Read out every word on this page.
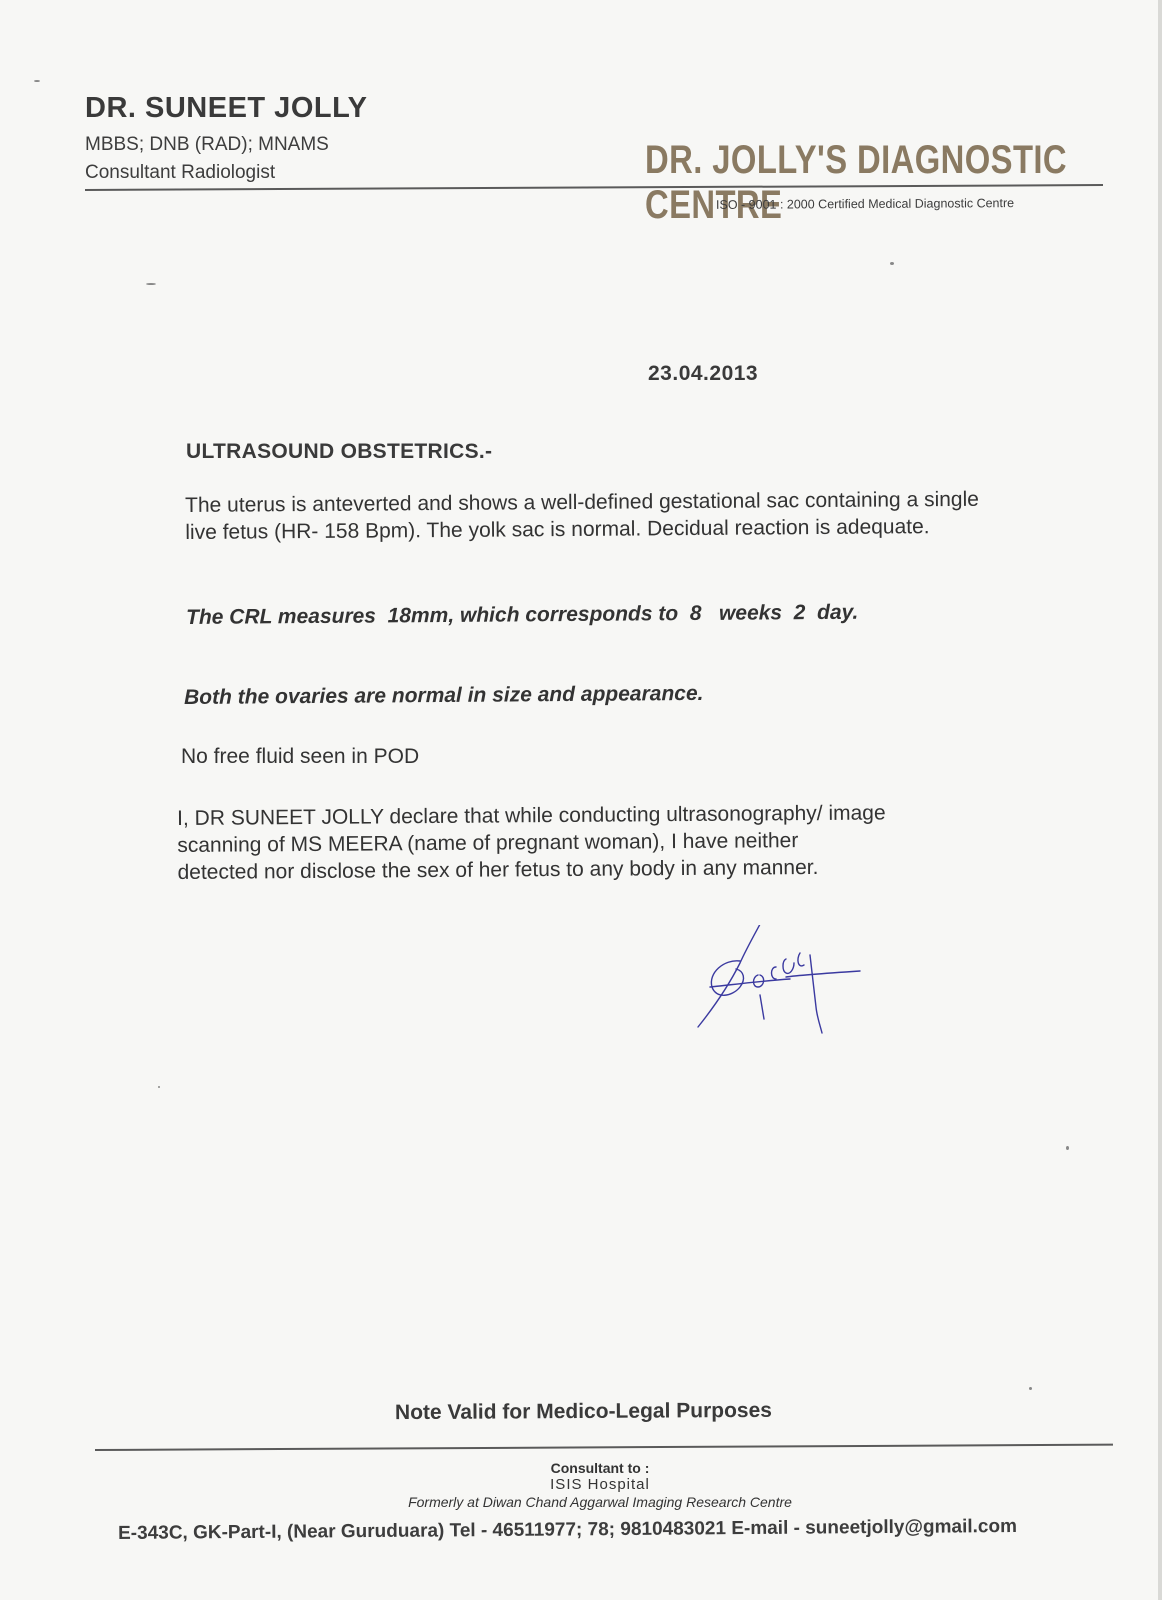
DR. SUNEET JOLLY
MBBS; DNB (RAD); MNAMS
Consultant Radiologist	DR. JOLLY'S DIAGNOSTIC CENTRE
ISO - 9001 : 2000 Certified Medical Diagnostic Centre
23.04.2013
ULTRASOUND OBSTETRICS.-
The uterus is anteverted and shows a well-defined gestational sac containing a single live fetus (HR- 158 Bpm). The yolk sac is normal. Decidual reaction is adequate.
The CRL measures  18mm, which corresponds to  8   weeks  2  day.
Both the ovaries are normal in size and appearance.
No free fluid seen in POD
I, DR SUNEET JOLLY declare that while conducting ultrasonography/ image
scanning of MS MEERA (name of pregnant woman), I have neither
detected nor disclose the sex of her fetus to any body in any manner.
Note Valid for Medico-Legal Purposes
Consultant to :
ISIS Hospital
Formerly at Diwan Chand Aggarwal Imaging Research Centre
E-343C, GK-Part-I, (Near Guruduara) Tel - 46511977; 78; 9810483021 E-mail - suneetjolly@gmail.com
